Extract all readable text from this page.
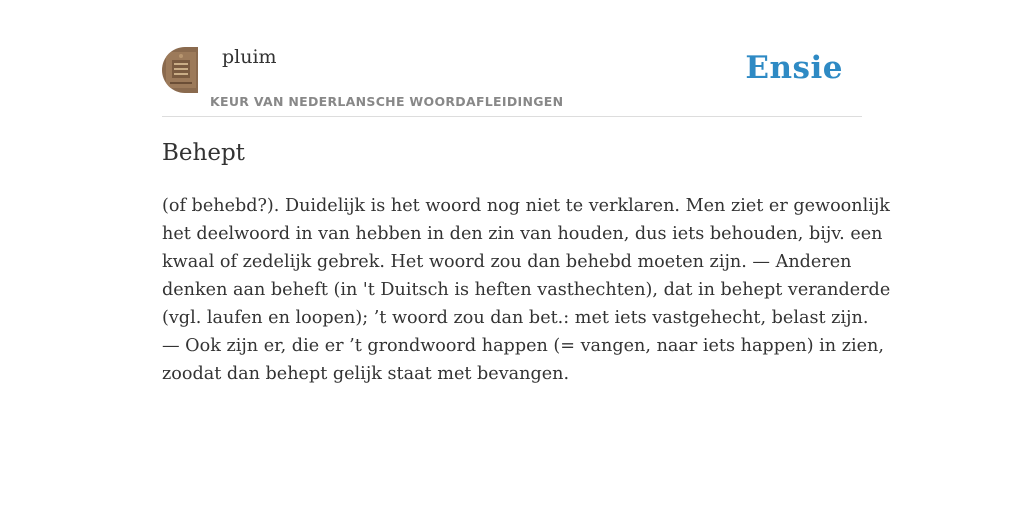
pluim
KEUR VAN NEDERLANSCHE WOORDAFLEIDINGEN
Ensie
Behept
(of behebd?). Duidelijk is het woord nog niet te verklaren. Men ziet er gewoonlijk
het deelwoord in van hebben in den zin van houden, dus iets behouden, bijv. een
kwaal of zedelijk gebrek. Het woord zou dan behebd moeten zijn. — Anderen
denken aan beheft (in 't Duitsch is heften vasthechten), dat in behept veranderde
(vgl. laufen en loopen); ’t woord zou dan bet.: met iets vastgehecht, belast zijn.
— Ook zijn er, die er ’t grondwoord happen (= vangen, naar iets happen) in zien,
zoodat dan behept gelijk staat met bevangen.
